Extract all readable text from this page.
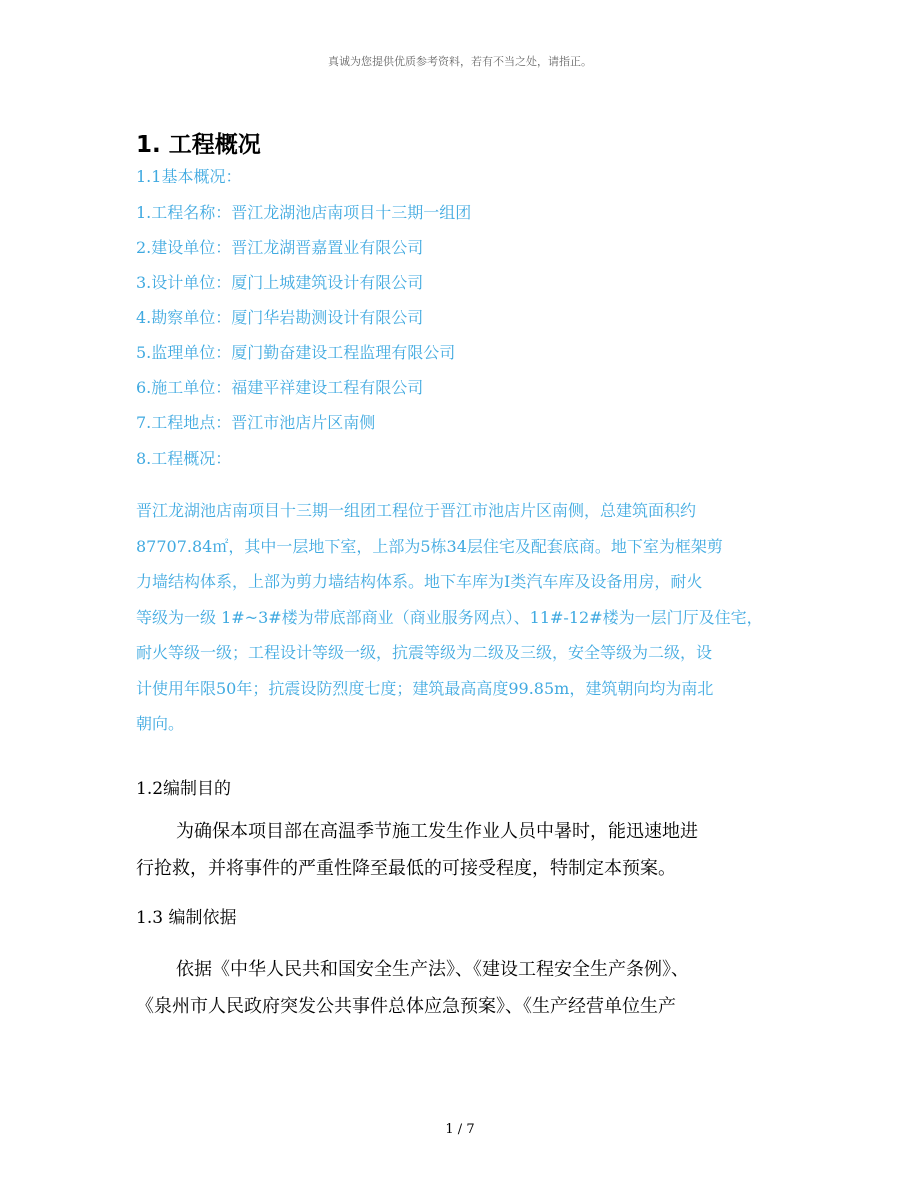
真诚为您提供优质参考资料，若有不当之处，请指正。
1. 工程概况
1.1基本概况：
1.工程名称：晋江龙湖池店南项目十三期一组团
2.建设单位：晋江龙湖晋嘉置业有限公司
3.设计单位：厦门上城建筑设计有限公司
4.勘察单位：厦门华岩勘测设计有限公司
5.监理单位：厦门勤奋建设工程监理有限公司
6.施工单位：福建平祥建设工程有限公司
7.工程地点：晋江市池店片区南侧
8.工程概况：

晋江龙湖池店南项目十三期一组团工程位于晋江市池店片区南侧，总建筑面积约

87707.84㎡，其中一层地下室，上部为5栋34层住宅及配套底商。地下室为框架剪

力墙结构体系，上部为剪力墙结构体系。地下车库为Ⅰ类汽车库及设备用房，耐火

等级为一级 1#~3#楼为带底部商业（商业服务网点）、11#-12#楼为一层门厅及住宅，

耐火等级一级；工程设计等级一级，抗震等级为二级及三级，安全等级为二级，设

计使用年限50年；抗震设防烈度七度；建筑最高高度99.85m，建筑朝向均为南北

朝向。

1.2编制目的

为确保本项目部在高温季节施工发生作业人员中暑时，能迅速地进

行抢救，并将事件的严重性降至最低的可接受程度，特制定本预案。

1.3 编制依据

依据《中华人民共和国安全生产法》、《建设工程安全生产条例》、

《泉州市人民政府突发公共事件总体应急预案》、《生产经营单位生产

1 / 7
